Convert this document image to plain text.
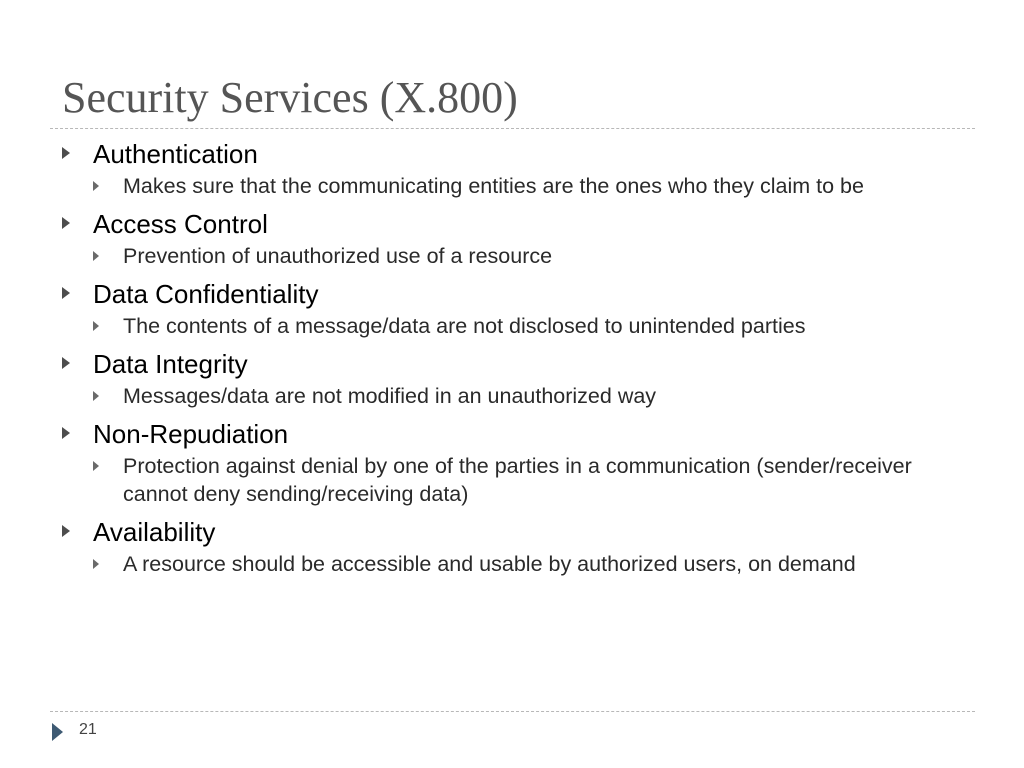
Security Services (X.800)
Authentication
Makes sure that the communicating entities are the ones who they claim to be
Access Control
Prevention of unauthorized use of a resource
Data Confidentiality
The contents of a message/data are not disclosed to unintended parties
Data Integrity
Messages/data are not modified in an unauthorized way
Non-Repudiation
Protection against denial by one of the parties in a communication (sender/receiver cannot deny sending/receiving data)
Availability
A resource should be accessible and usable by authorized users, on demand
21
